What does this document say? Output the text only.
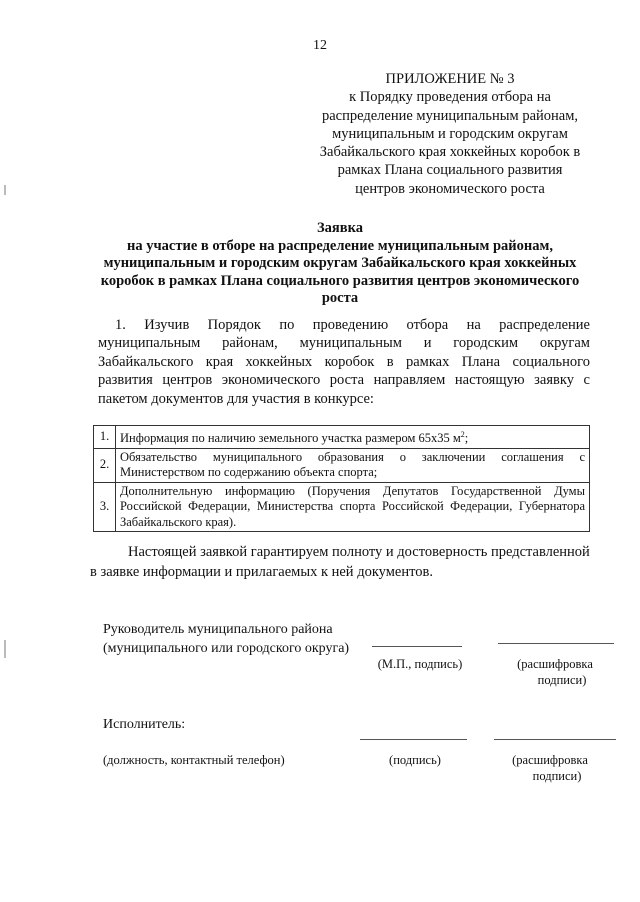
12
ПРИЛОЖЕНИЕ № 3
к Порядку проведения отбора на
распределение муниципальным районам,
муниципальным и городским округам
Забайкальского края хоккейных коробок в
рамках Плана социального развития
центров экономического роста
Заявка
на участие в отборе на распределение муниципальным районам,
муниципальным и городским округам Забайкальского края хоккейных
коробок в рамках Плана социального развития центров экономического
роста
1. Изучив Порядок по проведению отбора на распределение
муниципальным районам, муниципальным и городским округам
Забайкальского края хоккейных коробок в рамках Плана социального
развития центров экономического роста направляем настоящую заявку с
пакетом документов для участия в конкурсе:
1.	Информация по наличию земельного участка размером 65х35 $м^2$;
2.	Обязательство муниципального образования о заключении соглашения с
Министерством по содержанию объекта спорта;

3.	Дополнительную информацию (Поручения Депутатов Государственной Думы
Российской Федерации, Министерства спорта Российской Федерации, Губернатора
Забайкальского края).
Настоящей заявкой гарантируем полноту и достоверность представленной
в заявке информации и прилагаемых к ней документов.
Руководитель муниципального района
(муниципального или городского округа)
(М.П., подпись)	(расшифровка
подписи)
Исполнитель:
(должность, контактный телефон)	(подпись)	(расшифровка
подписи)
